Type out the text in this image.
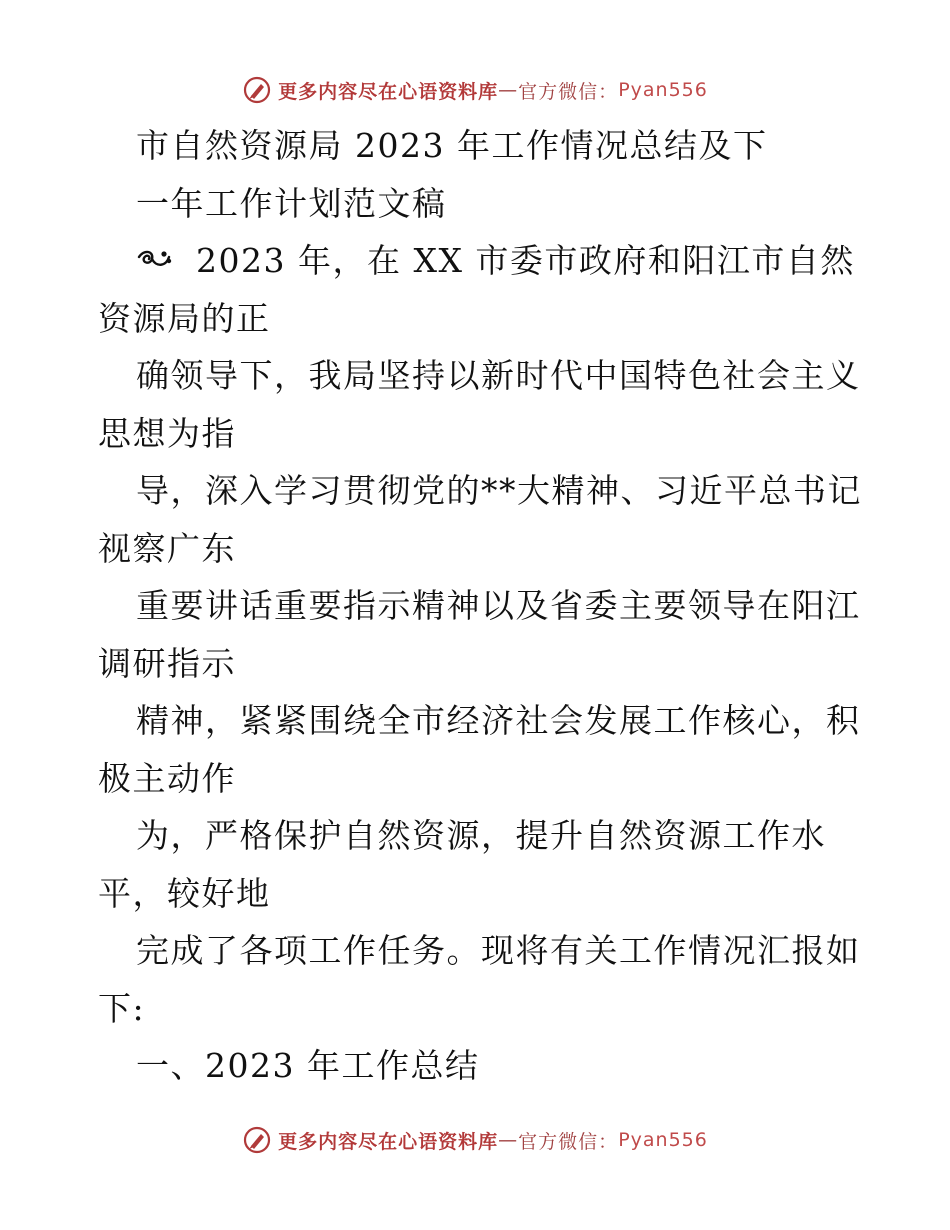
更多内容尽在心语资料库 — 官方微信： Pyan556
市自然资源局 2023 年工作情况总结及下
一年工作计划范文稿
2023 年，在 XX 市委市政府和阳江市自然
资源局的正
确领导下，我局坚持以新时代中国特色社会主义
思想为指
导，深入学习贯彻党的**大精神、习近平总书记
视察广东
重要讲话重要指示精神以及省委主要领导在阳江
调研指示
精神，紧紧围绕全市经济社会发展工作核心，积
极主动作
为，严格保护自然资源，提升自然资源工作水
平，较好地
完成了各项工作任务。现将有关工作情况汇报如
下:
一、2023 年工作总结
更多内容尽在心语资料库 — 官方微信： Pyan556
